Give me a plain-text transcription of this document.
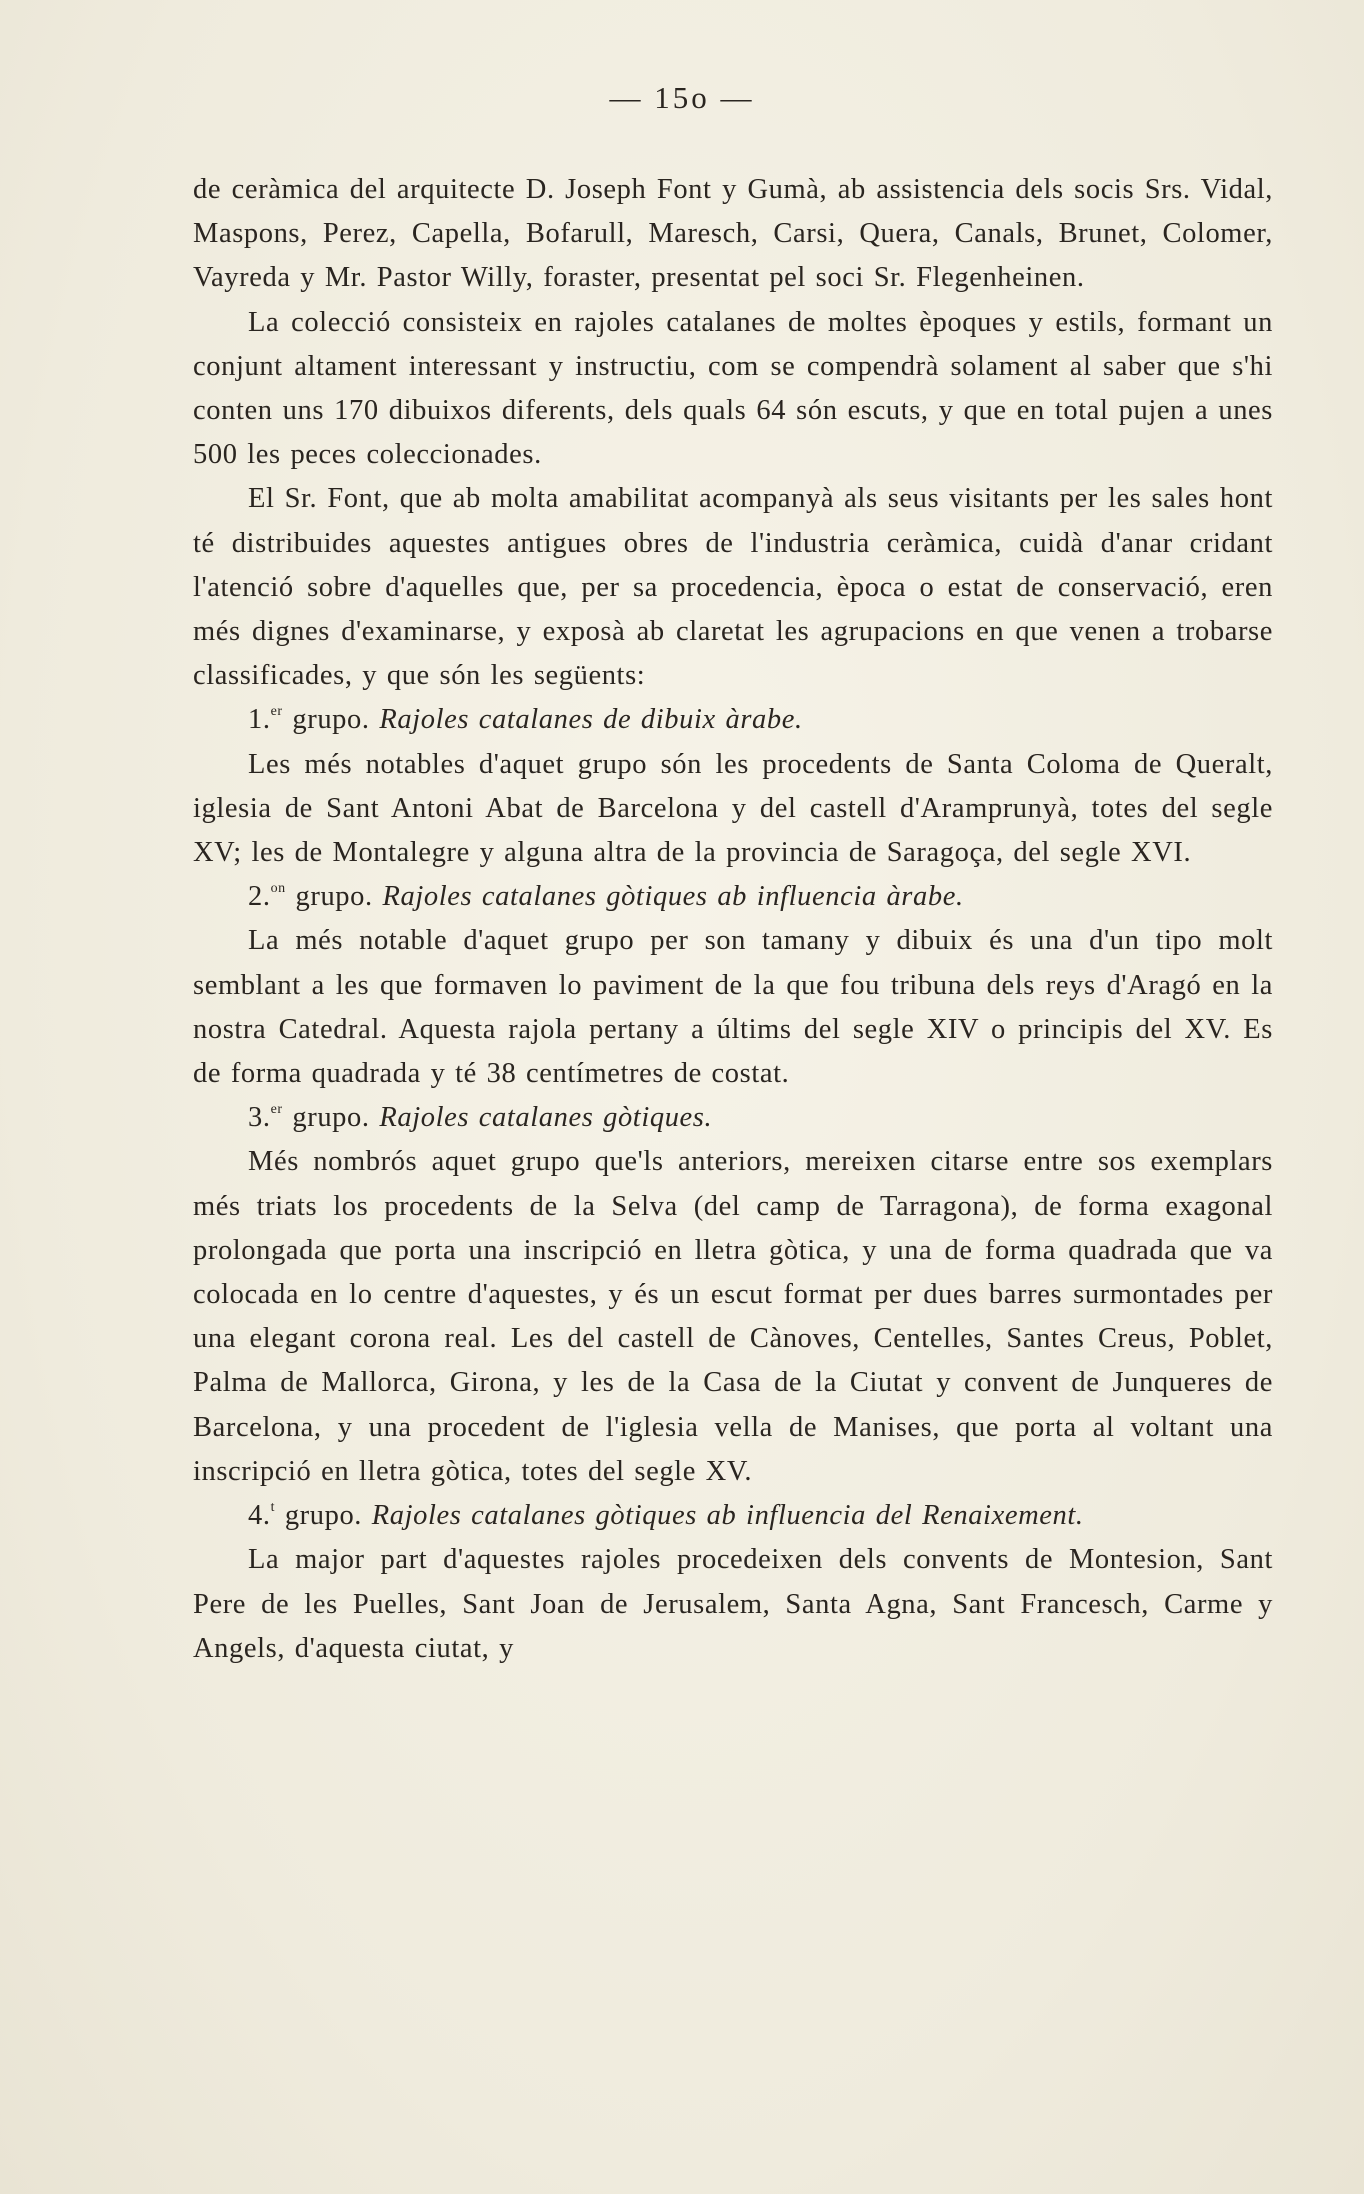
— 15o —

de ceràmica del arquitecte D. Joseph Font y Gumà, ab assistencia dels socis Srs. Vidal, Maspons, Perez, Capella, Bofarull, Maresch, Carsi, Quera, Canals, Brunet, Colomer, Vayreda y Mr. Pastor Willy, foraster, presentat pel soci Sr. Flegenheinen.

La colecció consisteix en rajoles catalanes de moltes èpoques y estils, formant un conjunt altament interessant y instructiu, com se compendrà solament al saber que s'hi conten uns 170 dibuixos diferents, dels quals 64 són escuts, y que en total pujen a unes 500 les peces coleccionades.

El Sr. Font, que ab molta amabilitat acompanyà als seus visitants per les sales hont té distribuides aquestes antigues obres de l'industria ceràmica, cuidà d'anar cridant l'atenció sobre d'aquelles que, per sa procedencia, època o estat de conservació, eren més dignes d'examinarse, y exposà ab claretat les agrupacions en que venen a trobarse classificades, y que són les següents:

1.$^{er}$ grupo. Rajoles catalanes de dibuix àrabe.

Les més notables d'aquet grupo són les procedents de Santa Coloma de Queralt, iglesia de Sant Antoni Abat de Barcelona y del castell d'Aramprunyà, totes del segle XV; les de Montalegre y alguna altra de la provincia de Saragoça, del segle XVI.

2.$^{on}$ grupo. Rajoles catalanes gòtiques ab influencia àrabe.

La més notable d'aquet grupo per son tamany y dibuix és una d'un tipo molt semblant a les que formaven lo paviment de la que fou tribuna dels reys d'Aragó en la nostra Catedral. Aquesta rajola pertany a últims del segle XIV o principis del XV. Es de forma quadrada y té 38 centímetres de costat.

3.$^{er}$ grupo. Rajoles catalanes gòtiques.

Més nombrós aquet grupo que'ls anteriors, mereixen citarse entre sos exemplars més triats los procedents de la Selva (del camp de Tarragona), de forma exagonal prolongada que porta una inscripció en lletra gòtica, y una de forma quadrada que va colocada en lo centre d'aquestes, y és un escut format per dues barres surmontades per una elegant corona real. Les del castell de Cànoves, Centelles, Santes Creus, Poblet, Palma de Mallorca, Girona, y les de la Casa de la Ciutat y convent de Junqueres de Barcelona, y una procedent de l'iglesia vella de Manises, que porta al voltant una inscripció en lletra gòtica, totes del segle XV.

4.$^t$ grupo. Rajoles catalanes gòtiques ab influencia del Renaixement.

La major part d'aquestes rajoles procedeixen dels convents de Montesion, Sant Pere de les Puelles, Sant Joan de Jerusalem, Santa Agna, Sant Francesch, Carme y Angels, d'aquesta ciutat, y
